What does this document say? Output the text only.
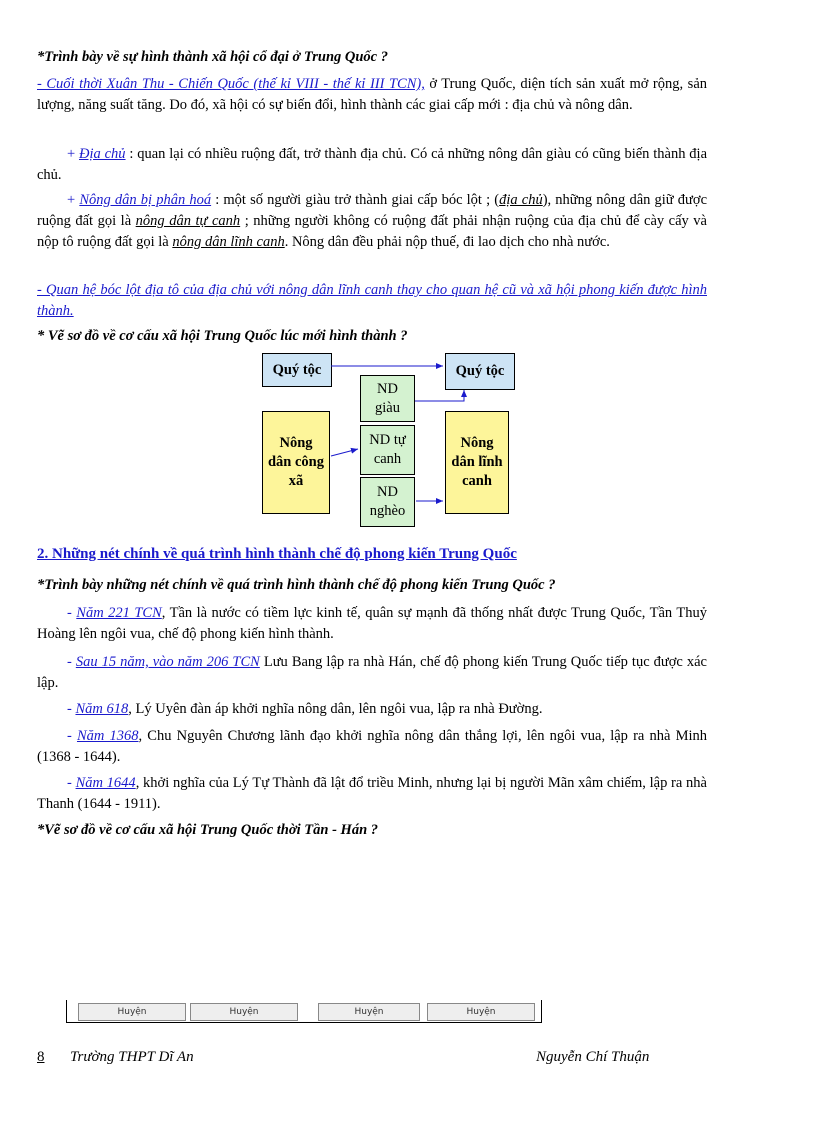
*Trình bày về sự hình thành xã hội cổ đại ở Trung Quốc ?
- Cuối thời Xuân Thu - Chiến Quốc (thế kỉ VIII - thế kỉ III TCN), ở Trung Quốc, diện tích sản xuất mở rộng, sản lượng, năng suất tăng. Do đó, xã hội có sự biến đổi, hình thành các giai cấp mới : địa chủ và nông dân.
+ Địa chủ : quan lại có nhiều ruộng đất, trở thành địa chủ. Có cả những nông dân giàu có cũng biến thành địa chủ.
+ Nông dân bị phân hoá : một số người giàu trở thành giai cấp bóc lột ; (địa chủ), những nông dân giữ được ruộng đất gọi là nông dân tự canh ; những người không có ruộng đất phải nhận ruộng của địa chủ để cày cấy và nộp tô ruộng đất gọi là nông dân lĩnh canh. Nông dân đều phải nộp thuế, đi lao dịch cho nhà nước.
- Quan hệ bóc lột địa tô của địa chủ với nông dân lĩnh canh thay cho quan hệ cũ và xã hội phong kiến được hình thành.
* Vẽ sơ đồ về cơ cấu xã hội Trung Quốc lúc mới hình thành ?
Quý tộc	Quý tộc
Nông dân công xã
ND giàu
ND tự canh
ND nghèo
Nông dân lĩnh canh
2. Những nét chính về quá trình hình thành chế độ phong kiến Trung Quốc
*Trình bày những nét chính về quá trình hình thành chế độ phong kiến Trung Quốc ?
- Năm 221 TCN, Tần là nước có tiềm lực kinh tế, quân sự mạnh đã thống nhất được Trung Quốc, Tần Thuỷ Hoàng lên ngôi vua, chế độ phong kiến hình thành.
- Sau 15 năm, vào năm 206 TCN Lưu Bang lập ra nhà Hán, chế độ phong kiến Trung Quốc tiếp tục được xác lập.
- Năm 618, Lý Uyên đàn áp khởi nghĩa nông dân, lên ngôi vua, lập ra nhà Đường.
- Năm 1368, Chu Nguyên Chương lãnh đạo khởi nghĩa nông dân thắng lợi, lên ngôi vua, lập ra nhà Minh (1368 - 1644).
- Năm 1644, khởi nghĩa của Lý Tự Thành đã lật đổ triều Minh, nhưng lại bị người Mãn xâm chiếm, lập ra nhà Thanh (1644 - 1911).
*Vẽ sơ đồ về cơ cấu xã hội Trung Quốc thời Tần - Hán ?
Huyện	Huyện	Huyện	Huyện
8 Trường THPT Dĩ An	Nguyễn Chí Thuận
